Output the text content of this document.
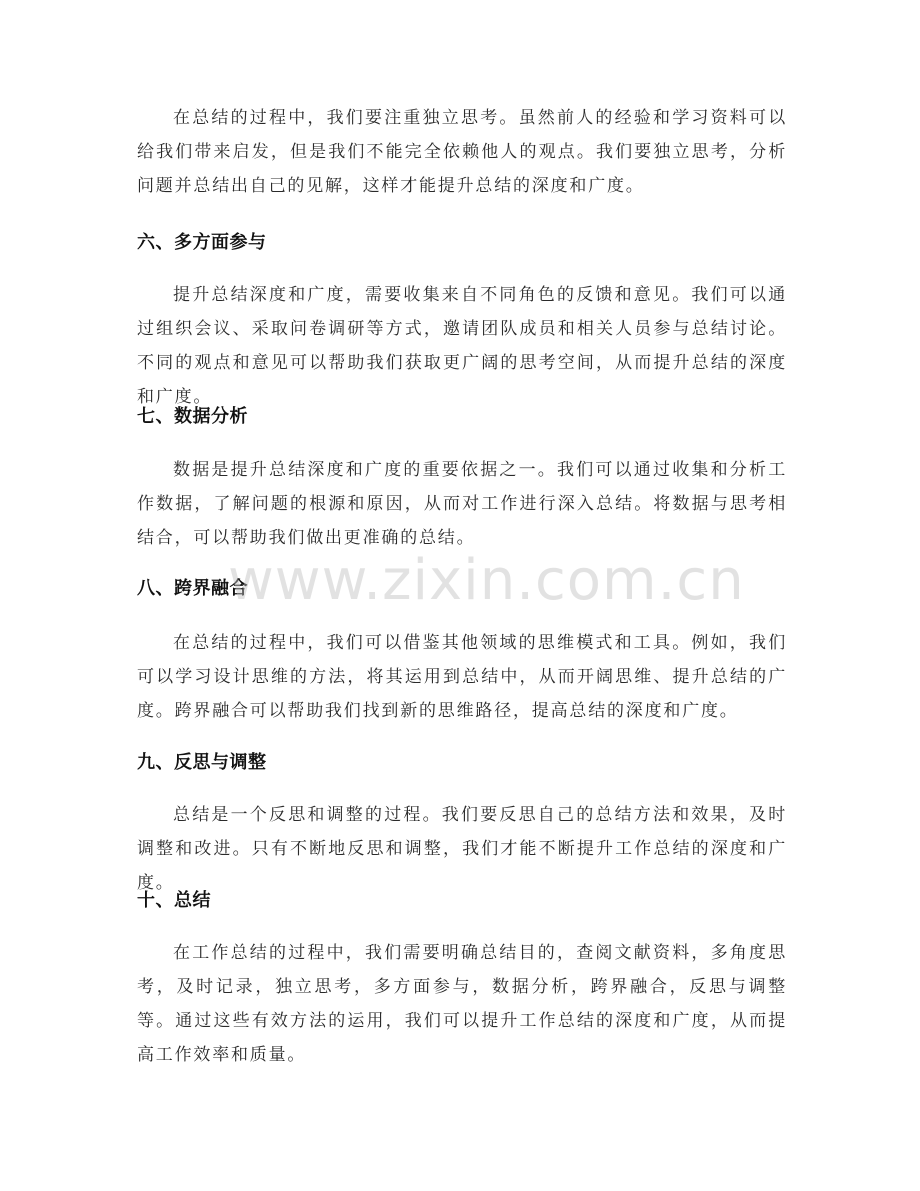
在总结的过程中，我们要注重独立思考。虽然前人的经验和学习资料可以给我们带来启发，但是我们不能完全依赖他人的观点。我们要独立思考，分析问题并总结出自己的见解，这样才能提升总结的深度和广度。

六、多方面参与

提升总结深度和广度，需要收集来自不同角色的反馈和意见。我们可以通过组织会议、采取问卷调研等方式，邀请团队成员和相关人员参与总结讨论。不同的观点和意见可以帮助我们获取更广阔的思考空间，从而提升总结的深度和广度。

七、数据分析

数据是提升总结深度和广度的重要依据之一。我们可以通过收集和分析工作数据，了解问题的根源和原因，从而对工作进行深入总结。将数据与思考相结合，可以帮助我们做出更准确的总结。

八、跨界融合

在总结的过程中，我们可以借鉴其他领域的思维模式和工具。例如，我们可以学习设计思维的方法，将其运用到总结中，从而开阔思维、提升总结的广度。跨界融合可以帮助我们找到新的思维路径，提高总结的深度和广度。

九、反思与调整

总结是一个反思和调整的过程。我们要反思自己的总结方法和效果，及时调整和改进。只有不断地反思和调整，我们才能不断提升工作总结的深度和广度。

十、总结

在工作总结的过程中，我们需要明确总结目的，查阅文献资料，多角度思考，及时记录，独立思考，多方面参与，数据分析，跨界融合，反思与调整等。通过这些有效方法的运用，我们可以提升工作总结的深度和广度，从而提高工作效率和质量。

www.zixin.com.cn
